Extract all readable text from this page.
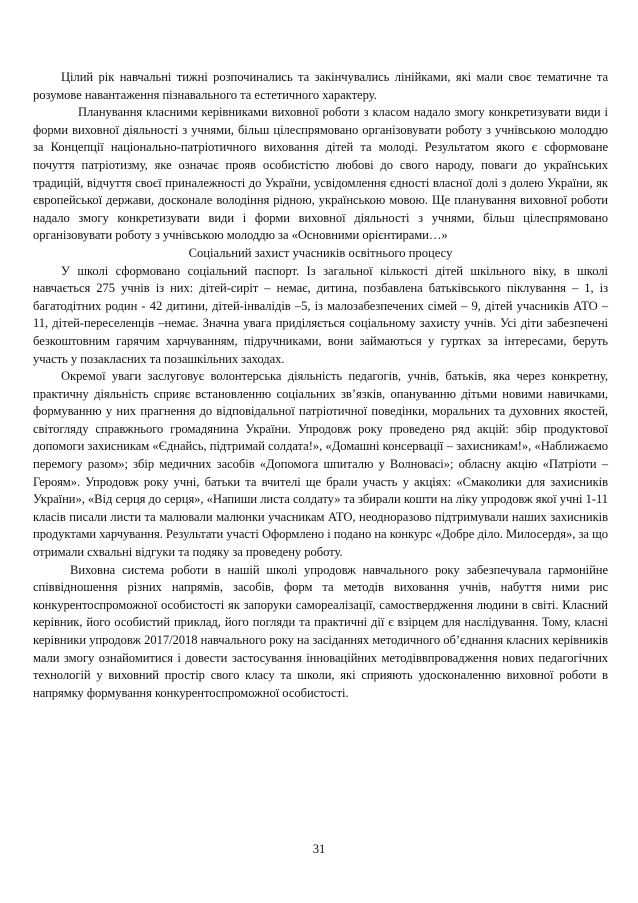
Цілий рік навчальні тижні розпочинались та закінчувались лінійками, які мали своє тематичне та розумове навантаження пізнавального та естетичного характеру.

Планування класними керівниками виховної роботи з класом надало змогу конкретизувати види і форми виховної діяльності з учнями, більш цілеспрямовано організовувати роботу з учнівською молоддю за Концепції національно-патріотичного виховання дітей та молоді. Результатом якого є сформоване почуття патріотизму, яке означає прояв особистістю любові до свого народу, поваги до українських традицій, відчуття своєї приналежності до України, усвідомлення єдності власної долі з долею України, як європейської держави, досконале володіння рідною, українською мовою. Ще планування виховної роботи надало змогу конкретизувати види і форми виховної діяльності з учнями, більш цілеспрямовано організовувати роботу з учнівською молоддю за «Основними орієнтирами…»

Соціальний захист учасників освітнього процесу

У школі сформовано соціальний паспорт. Із загальної кількості дітей шкільного віку, в школі навчається 275 учнів із них: дітей-сиріт – немає, дитина, позбавлена батьківського піклування – 1, із багатодітних родин - 42 дитини, дітей-інвалідів –5, із малозабезпечених сімей – 9, дітей учасників АТО – 11, дітей-переселенців –немає. Значна увага приділяється соціальному захисту учнів. Усі діти забезпечені безкоштовним гарячим харчуванням, підручниками, вони займаються у гуртках за інтересами, беруть участь у позакласних та позашкільних заходах.

Окремої уваги заслуговує волонтерська діяльність педагогів, учнів, батьків, яка через конкретну, практичну діяльність сприяє встановленню соціальних зв’язків, опануванню дітьми новими навичками, формуванню у них прагнення до відповідальної патріотичної поведінки, моральних та духовних якостей, світогляду справжнього громадянина України. Упродовж року проведено ряд акцій: збір продуктової допомоги захисникам «Єднайсь, підтримай солдата!», «Домашні консервації – захисникам!», «Наближаємо перемогу разом»; збір медичних засобів «Допомога шпиталю у Волновасі»; обласну акцію «Патріоти – Героям». Упродовж року учні, батьки та вчителі ще брали участь у акціях: «Смаколики для захисників України», «Від серця до серця», «Напиши листа солдату» та збирали кошти на ліку упродовж якої учні 1-11 класів писали листи та малювали малюнки учасникам АТО, неодноразово підтримували наших захисників продуктами харчування. Результати участі Оформлено і подано на конкурс «Добре діло. Милосердя», за що отримали схвальні відгуки та подяку за проведену роботу.

Виховна система роботи в нашій школі упродовж навчального року забезпечувала гармонійне співвідношення різних напрямів, засобів, форм та методів виховання учнів, набуття ними рис конкурентоспроможної особистості як запоруки самореалізації, самоствердження людини в світі. Класний керівник, його особистий приклад, його погляди та практичні дії є взірцем для наслідування. Тому, класні керівники упродовж 2017/2018 навчального року на засіданнях методичного об’єднання класних керівників мали змогу ознайомитися і довести застосування інноваційних методіввпровадження нових педагогічних технологій у виховний простір свого класу та школи, які сприяють удосконаленню виховної роботи в напрямку формування конкурентоспроможної особистості.

31
